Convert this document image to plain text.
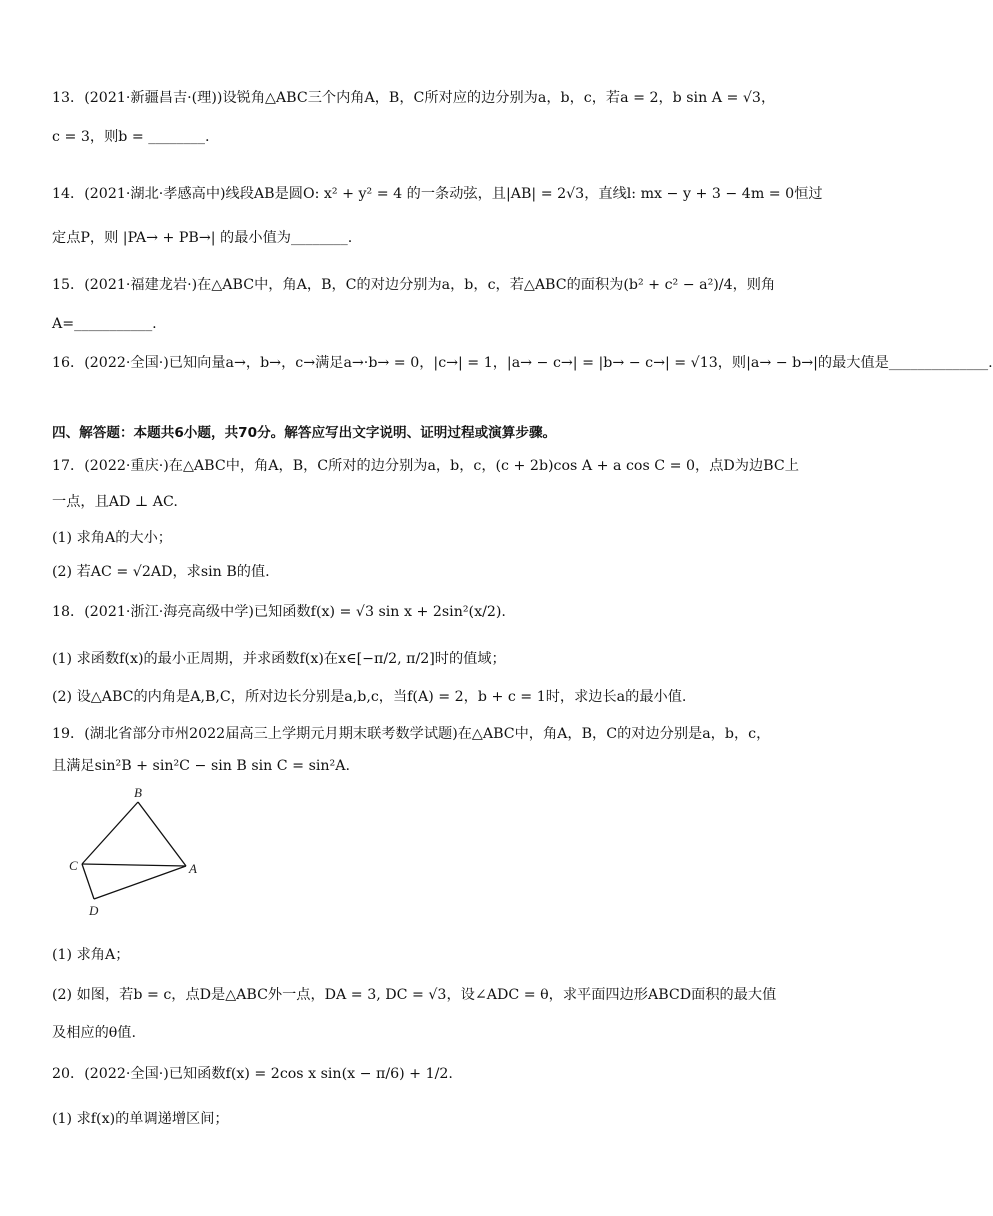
13．(2021·新疆昌吉·(理))设锐角△ABC三个内角A，B，C所对应的边分别为a，b，c，若a = 2，b sin A = √3，
c = 3，则b = ________.
14．(2021·湖北·孝感高中)线段AB是圆O: x² + y² = 4 的一条动弦，且|AB| = 2√3，直线l: mx − y + 3 − 4m = 0恒过
定点P，则 |PA→ + PB→| 的最小值为________.
15．(2021·福建龙岩·)在△ABC中，角A，B，C的对边分别为a，b，c，若△ABC的面积为(b² + c² − a²)/4，则角
A=___________.
16．(2022·全国·)已知向量a→，b→，c→满足a→·b→ = 0，|c→| = 1，|a→ − c→| = |b→ − c→| = √13，则|a→ − b→|的最大值是______________.
四、解答题：本题共6小题，共70分。解答应写出文字说明、证明过程或演算步骤。
17．(2022·重庆·)在△ABC中，角A，B，C所对的边分别为a，b，c，(c + 2b)cos A + a cos C = 0，点D为边BC上
一点，且AD ⊥ AC.
(1) 求角A的大小；
(2) 若AC = √2AD，求sin B的值.
18．(2021·浙江·海亮高级中学)已知函数f(x) = √3 sin x + 2sin²(x/2).
(1) 求函数f(x)的最小正周期，并求函数f(x)在x∈[−π/2, π/2]时的值域；
(2) 设△ABC的内角是A,B,C，所对边长分别是a,b,c，当f(A) = 2，b + c = 1时，求边长a的最小值.
19．(湖北省部分市州2022届高三上学期元月期末联考数学试题)在△ABC中，角A，B，C的对边分别是a，b，c，
且满足sin²B + sin²C − sin B sin C = sin²A.
B
C	A
D
(1) 求角A；
(2) 如图，若b = c，点D是△ABC外一点，DA = 3, DC = √3，设∠ADC = θ，求平面四边形ABCD面积的最大值
及相应的θ值.
20．(2022·全国·)已知函数f(x) = 2cos x sin(x − π/6) + 1/2.
(1) 求f(x)的单调递增区间；
